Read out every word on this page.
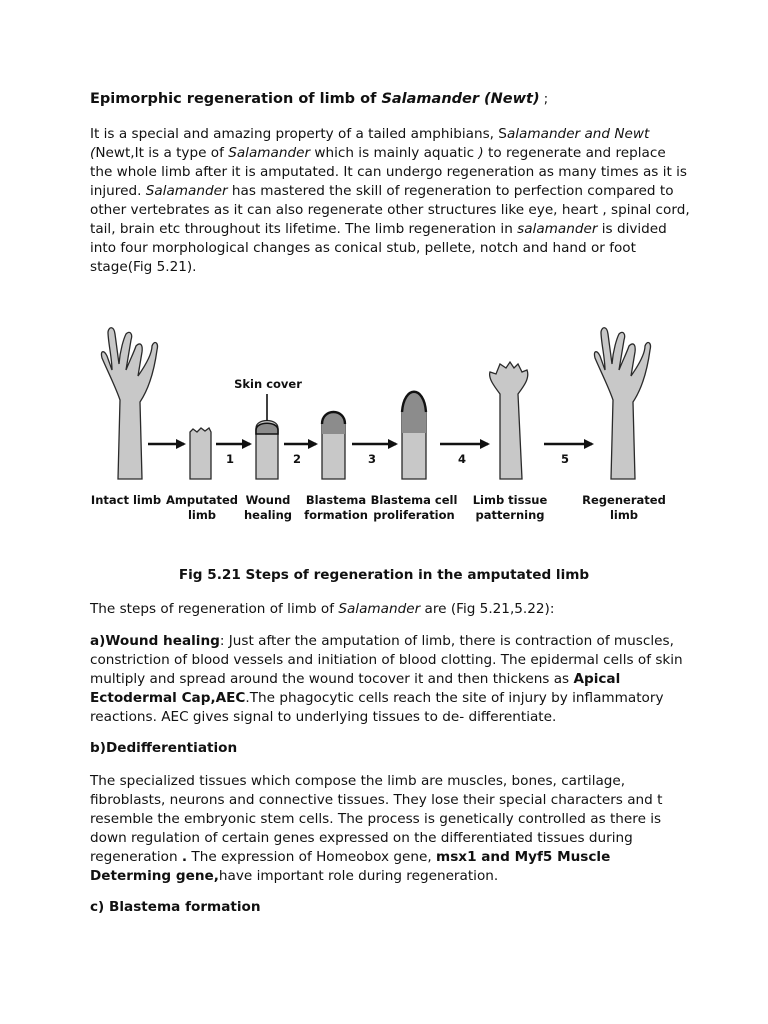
Epimorphic regeneration of limb of Salamander (Newt) ;

It is a special and amazing property of a tailed amphibians, Salamander and Newt (Newt,It is a type of Salamander which is mainly aquatic ) to regenerate and replace the whole limb after it is amputated. It can undergo regeneration as many times as it is injured. Salamander has mastered the skill of regeneration to perfection compared to other vertebrates as it can also regenerate other structures like eye, heart , spinal cord, tail, brain etc throughout its lifetime. The limb regeneration in salamander is divided into four morphological changes as conical stub, pellete, notch and hand or foot stage(Fig 5.21).

Skin cover
1	2	3	4	5
Intact limb Amputated
limb
Wound
healing
Blastema
formation
Blastema cell
proliferation
Limb tissue
patterning
Regenerated
limb
Fig 5.21 Steps of regeneration in the amputated limb

The steps of regeneration of limb of Salamander are (Fig 5.21,5.22):

a)Wound healing: Just after the amputation of limb, there is contraction of muscles, constriction of blood vessels and initiation of blood clotting. The epidermal cells of skin multiply and spread around the wound tocover it and then thickens as Apical Ectodermal Cap,AEC.The phagocytic cells reach the site of injury by inflammatory reactions. AEC gives signal to underlying tissues to de- differentiate.

b)Dedifferentiation

The specialized tissues which compose the limb are muscles, bones, cartilage, fibroblasts, neurons and connective tissues. They lose their special characters and t resemble the embryonic stem cells. The process is genetically controlled as there is down regulation of certain genes expressed on the differentiated tissues during regeneration . The expression of Homeobox gene, msx1 and Myf5 Muscle Determing gene,have important role during regeneration.

c) Blastema formation
